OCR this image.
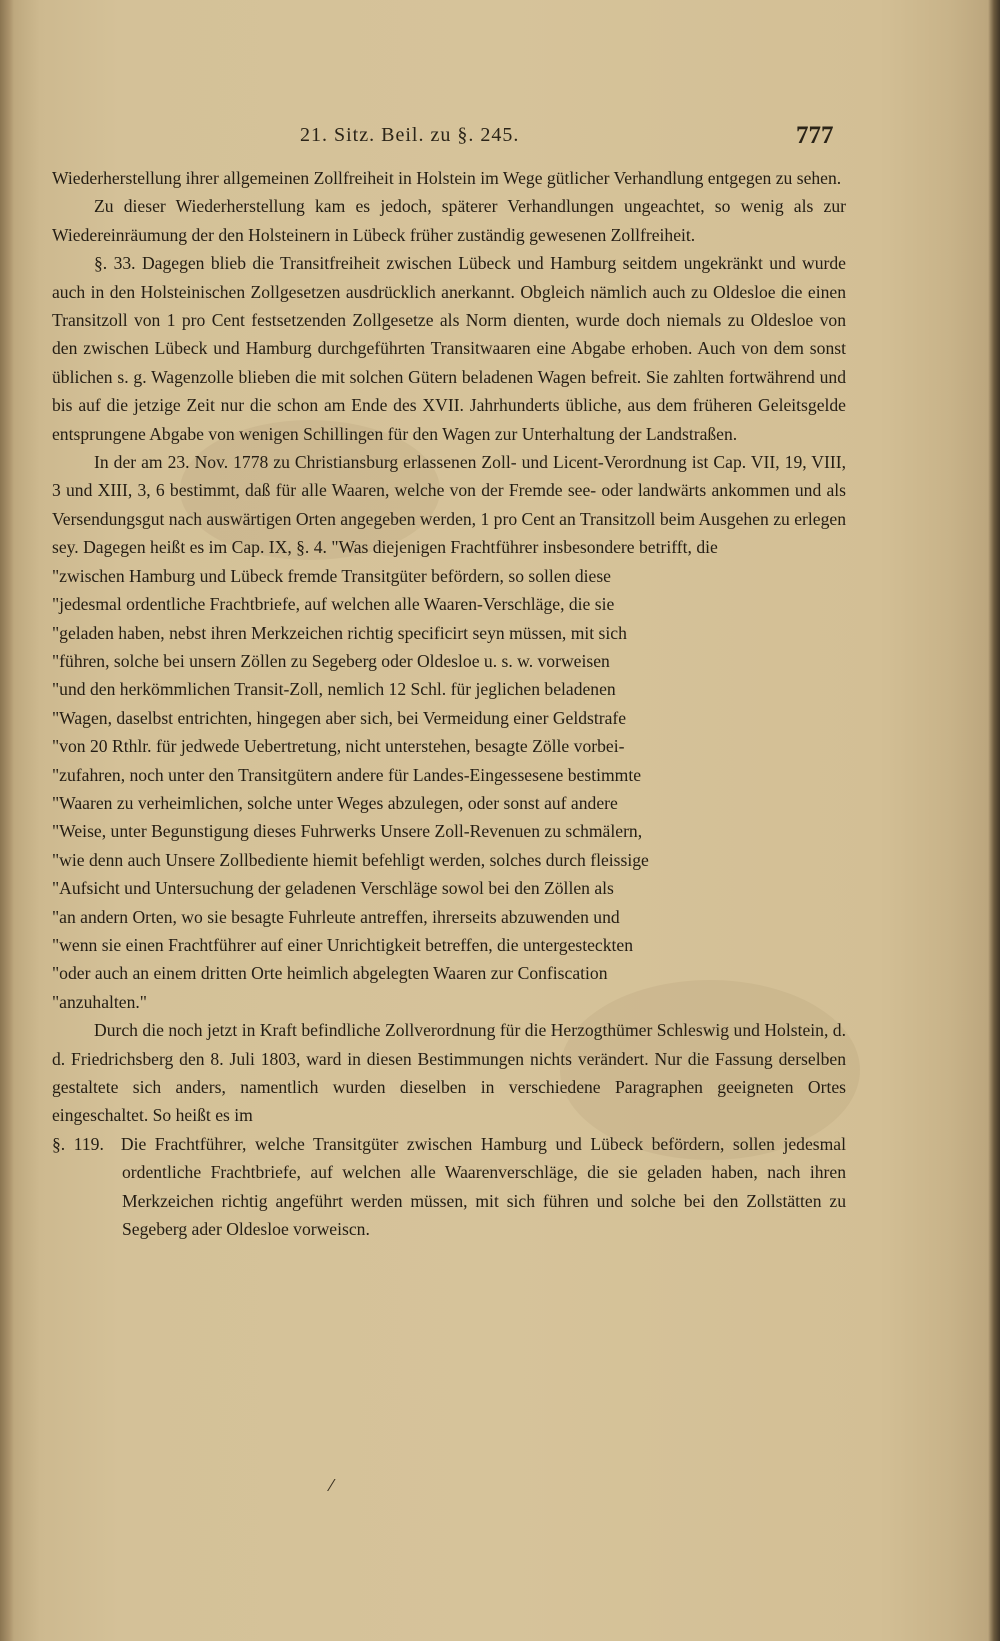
21. Sitz. Beil. zu §. 245.	777

Wiederherstellung ihrer allgemeinen Zollfreiheit in Holstein im Wege gütlicher Verhandlung entgegen zu sehen.

Zu dieser Wiederherstellung kam es jedoch, späterer Verhandlungen ungeachtet, so wenig als zur Wiedereinräumung der den Holsteinern in Lübeck früher zuständig gewesenen Zollfreiheit.

§. 33. Dagegen blieb die Transitfreiheit zwischen Lübeck und Hamburg seitdem ungekränkt und wurde auch in den Holsteinischen Zollgesetzen ausdrücklich anerkannt. Obgleich nämlich auch zu Oldesloe die einen Transitzoll von 1 pro Cent festsetzenden Zollgesetze als Norm dienten, wurde doch niemals zu Oldesloe von den zwischen Lübeck und Hamburg durchgeführten Transitwaaren eine Abgabe erhoben. Auch von dem sonst üblichen s. g. Wagenzolle blieben die mit solchen Gütern beladenen Wagen befreit. Sie zahlten fortwährend und bis auf die jetzige Zeit nur die schon am Ende des XVII. Jahrhunderts übliche, aus dem früheren Geleitsgelde entsprungene Abgabe von wenigen Schillingen für den Wagen zur Unterhaltung der Landstraßen.

In der am 23. Nov. 1778 zu Christiansburg erlassenen Zoll- und Licent-Verordnung ist Cap. VII, 19, VIII, 3 und XIII, 3, 6 bestimmt, daß für alle Waaren, welche von der Fremde see- oder landwärts ankommen und als Versendungsgut nach auswärtigen Orten angegeben werden, 1 pro Cent an Transitzoll beim Ausgehen zu erlegen sey. Dagegen heißt es im Cap. IX, §. 4. "Was diejenigen Frachtführer insbesondere betrifft, die

"zwischen Hamburg und Lübeck fremde Transitgüter befördern, so sollen diese
"jedesmal ordentliche Frachtbriefe, auf welchen alle Waaren-Verschläge, die sie
"geladen haben, nebst ihren Merkzeichen richtig specificirt seyn müssen, mit sich
"führen, solche bei unsern Zöllen zu Segeberg oder Oldesloe u. s. w. vorweisen
"und den herkömmlichen Transit-Zoll, nemlich 12 Schl. für jeglichen beladenen
"Wagen, daselbst entrichten, hingegen aber sich, bei Vermeidung einer Geldstrafe
"von 20 Rthlr. für jedwede Uebertretung, nicht unterstehen, besagte Zölle vorbei-
"zufahren, noch unter den Transitgütern andere für Landes-Eingessesene bestimmte
"Waaren zu verheimlichen, solche unter Weges abzulegen, oder sonst auf andere
"Weise, unter Begunstigung dieses Fuhrwerks Unsere Zoll-Revenuen zu schmälern,
"wie denn auch Unsere Zollbediente hiemit befehligt werden, solches durch fleissige
"Aufsicht und Untersuchung der geladenen Verschläge sowol bei den Zöllen als
"an andern Orten, wo sie besagte Fuhrleute antreffen, ihrerseits abzuwenden und
"wenn sie einen Frachtführer auf einer Unrichtigkeit betreffen, die untergesteckten
"oder auch an einem dritten Orte heimlich abgelegten Waaren zur Confiscation
"anzuhalten."

Durch die noch jetzt in Kraft befindliche Zollverordnung für die Herzogthümer Schleswig und Holstein, d. d. Friedrichsberg den 8. Juli 1803, ward in diesen Bestimmungen nichts verändert. Nur die Fassung derselben gestaltete sich anders, namentlich wurden dieselben in verschiedene Paragraphen geeigneten Ortes eingeschaltet. So heißt es im

§. 119. Die Frachtführer, welche Transitgüter zwischen Hamburg und Lübeck befördern, sollen jedesmal ordentliche Frachtbriefe, auf welchen alle Waarenverschläge, die sie geladen haben, nach ihren Merkzeichen richtig angeführt werden müssen, mit sich führen und solche bei den Zollstätten zu Segeberg ader Oldesloe vorweiscn.

⁄
